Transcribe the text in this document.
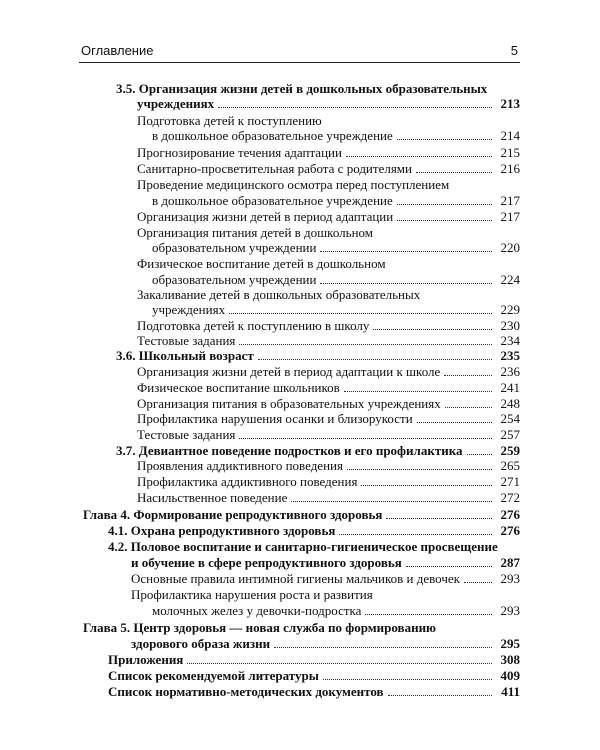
Оглавление	5
3.5. Организация жизни детей в дошкольных образовательных
учреждениях	213
Подготовка детей к поступлению
в дошкольное образовательное учреждение	214
Прогнозирование течения адаптации	215
Санитарно-просветительная работа с родителями	216
Проведение медицинского осмотра перед поступлением
в дошкольное образовательное учреждение	217
Организация жизни детей в период адаптации	217
Организация питания детей в дошкольном
образовательном учреждении	220
Физическое воспитание детей в дошкольном
образовательном учреждении	224
Закаливание детей в дошкольных образовательных
учреждениях	229
Подготовка детей к поступлению в школу	230
Тестовые задания	234
3.6. Школьный возраст	235
Организация жизни детей в период адаптации к школе	236
Физическое воспитание школьников	241
Организация питания в образовательных учреждениях	248
Профилактика нарушения осанки и близорукости	254
Тестовые задания	257
3.7. Девиантное поведение подростков и его профилактика	259
Проявления аддиктивного поведения	265
Профилактика аддиктивного поведения	271
Насильственное поведение	272
Глава 4. Формирование репродуктивного здоровья	276
4.1. Охрана репродуктивного здоровья	276
4.2. Половое воспитание и санитарно-гигиеническое просвещение
и обучение в сфере репродуктивного здоровья	287
Основные правила интимной гигиены мальчиков и девочек	293
Профилактика нарушения роста и развития
молочных желез у девочки-подростка	293
Глава 5. Центр здоровья — новая служба по формированию
здорового образа жизни	295
Приложения	308
Список рекомендуемой литературы	409
Список нормативно-методических документов	411
